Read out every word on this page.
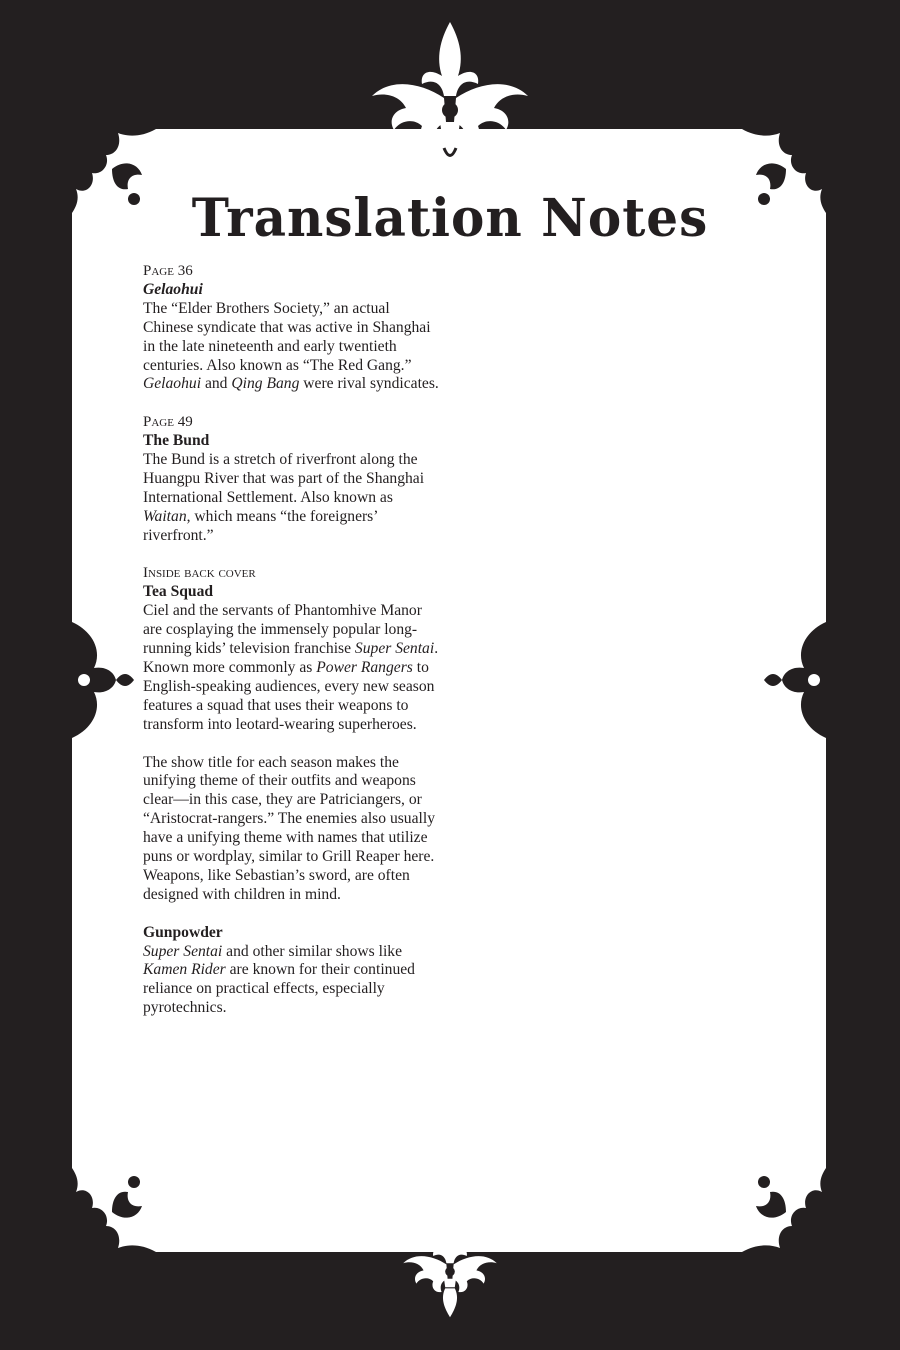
Translation Notes
Page 36
Gelaohui

The “Elder Brothers Society,” an actual Chinese syndicate that was active in Shanghai in the late nineteenth and early twentieth centuries. Also known as “The Red Gang.” Gelaohui and Qing Bang were rival syndicates.

Page 49
The Bund

The Bund is a stretch of riverfront along the Huangpu River that was part of the Shanghai International Settlement. Also known as Waitan, which means “the foreigners’ riverfront.”

Inside back cover
Tea Squad

Ciel and the servants of Phantomhive Manor are cosplaying the immensely popular long-running kids’ television franchise Super Sentai. Known more commonly as Power Rangers to English-speaking audiences, every new season features a squad that uses their weapons to transform into leotard-wearing superheroes.

The show title for each season makes the unifying theme of their outfits and weapons clear—in this case, they are Patriciangers, or “Aristocrat-rangers.” The enemies also usually have a unifying theme with names that utilize puns or wordplay, similar to Grill Reaper here. Weapons, like Sebastian’s sword, are often designed with children in mind.

Gunpowder

Super Sentai and other similar shows like Kamen Rider are known for their continued reliance on practical effects, especially pyrotechnics.
